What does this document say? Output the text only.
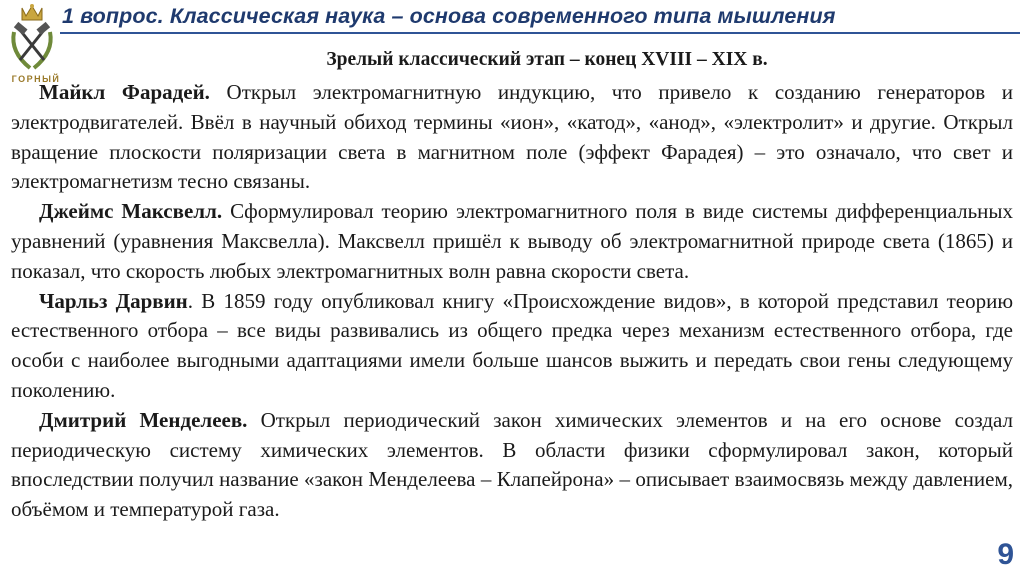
ГОРНЫЙ
1 вопрос. Классическая наука – основа современного типа мышления
Зрелый классический этап – конец XVIII – XIX в.

Майкл Фарадей. Открыл электромагнитную индукцию, что привело к созданию генераторов и электродвигателей. Ввёл в научный обиход термины «ион», «катод», «анод», «электролит» и другие. Открыл вращение плоскости поляризации света в магнитном поле (эффект Фарадея) – это означало, что свет и электромагнетизм тесно связаны.

Джеймс Максвелл. Сформулировал теорию электромагнитного поля в виде системы дифференциальных уравнений (уравнения Максвелла). Максвелл пришёл к выводу об электромагнитной природе света (1865) и показал, что скорость любых электромагнитных волн равна скорости света.

Чарльз Дарвин. В 1859 году опубликовал книгу «Происхождение видов», в которой представил теорию естественного отбора – все виды развивались из общего предка через механизм естественного отбора, где особи с наиболее выгодными адаптациями имели больше шансов выжить и передать свои гены следующему поколению.

Дмитрий Менделеев. Открыл периодический закон химических элементов и на его основе создал периодическую систему химических элементов. В области физики сформулировал закон, который впоследствии получил название «закон Менделеева – Клапейрона» – описывает взаимосвязь между давлением, объёмом и температурой газа.

9
